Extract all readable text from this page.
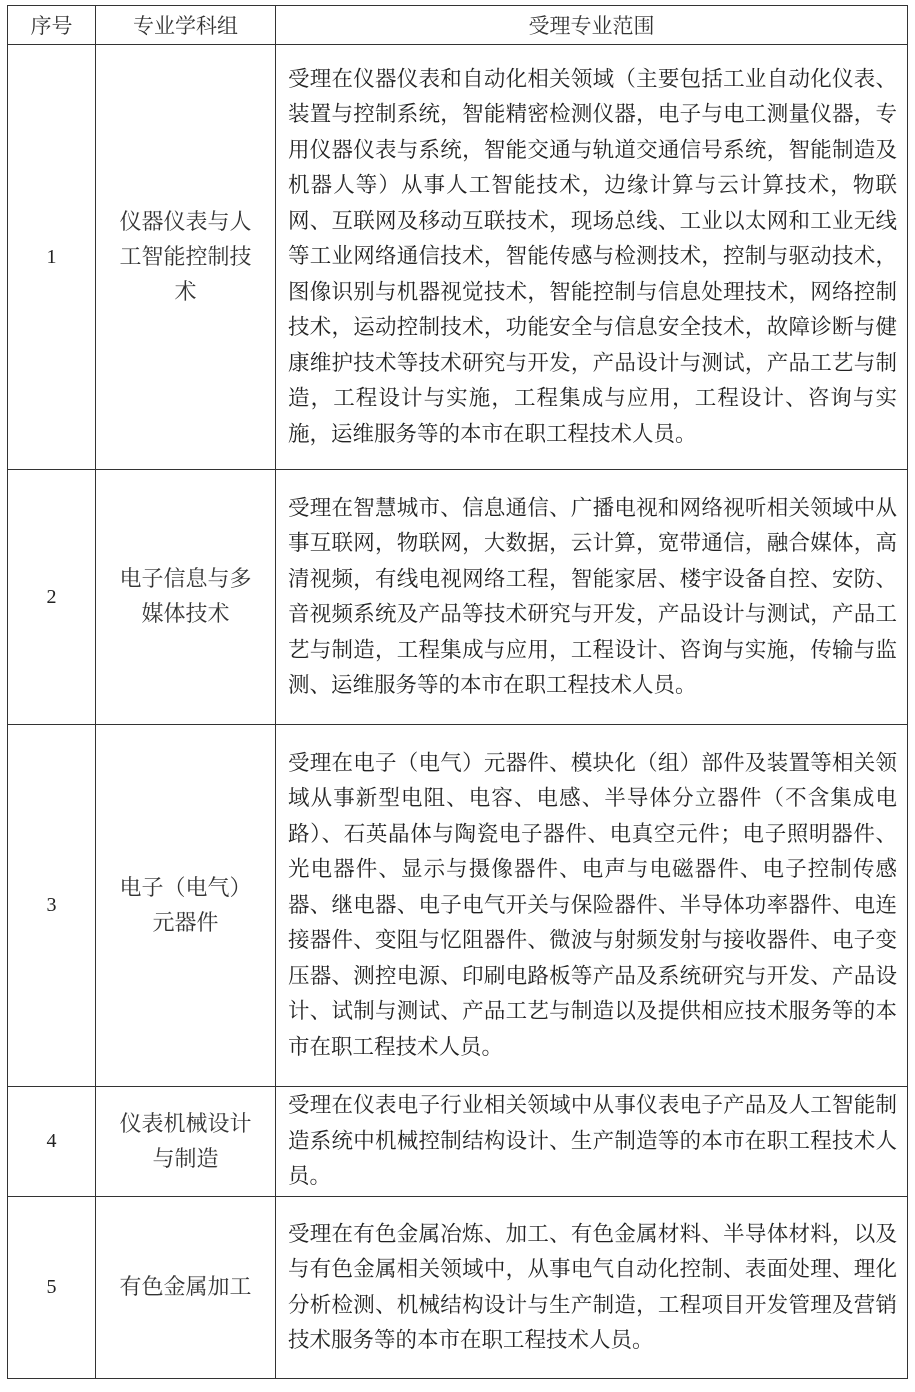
序号	专业学科组	受理专业范围
1	仪器仪表与人工智能控制技术	受理在仪器仪表和自动化相关领域（主要包括工业自动化仪表、装置与控制系统，智能精密检测仪器，电子与电工测量仪器，专用仪器仪表与系统，智能交通与轨道交通信号系统，智能制造及机器人等）从事人工智能技术，边缘计算与云计算技术，物联网、互联网及移动互联技术，现场总线、工业以太网和工业无线等工业网络通信技术，智能传感与检测技术，控制与驱动技术，图像识别与机器视觉技术，智能控制与信息处理技术，网络控制技术，运动控制技术，功能安全与信息安全技术，故障诊断与健康维护技术等技术研究与开发，产品设计与测试，产品工艺与制造，工程设计与实施，工程集成与应用，工程设计、咨询与实施，运维服务等的本市在职工程技术人员。
2	电子信息与多媒体技术	受理在智慧城市、信息通信、广播电视和网络视听相关领域中从事互联网，物联网，大数据，云计算，宽带通信，融合媒体，高清视频，有线电视网络工程，智能家居、楼宇设备自控、安防、音视频系统及产品等技术研究与开发，产品设计与测试，产品工艺与制造，工程集成与应用，工程设计、咨询与实施，传输与监测、运维服务等的本市在职工程技术人员。
3	电子（电气）元器件	受理在电子（电气）元器件、模块化（组）部件及装置等相关领域从事新型电阻、电容、电感、半导体分立器件（不含集成电路）、石英晶体与陶瓷电子器件、电真空元件；电子照明器件、光电器件、显示与摄像器件、电声与电磁器件、电子控制传感器、继电器、电子电气开关与保险器件、半导体功率器件、电连接器件、变阻与忆阻器件、微波与射频发射与接收器件、电子变压器、测控电源、印刷电路板等产品及系统研究与开发、产品设计、试制与测试、产品工艺与制造以及提供相应技术服务等的本市在职工程技术人员。
4	仪表机械设计与制造	受理在仪表电子行业相关领域中从事仪表电子产品及人工智能制造系统中机械控制结构设计、生产制造等的本市在职工程技术人员。
5	有色金属加工	受理在有色金属冶炼、加工、有色金属材料、半导体材料，以及与有色金属相关领域中，从事电气自动化控制、表面处理、理化分析检测、机械结构设计与生产制造，工程项目开发管理及营销技术服务等的本市在职工程技术人员。
